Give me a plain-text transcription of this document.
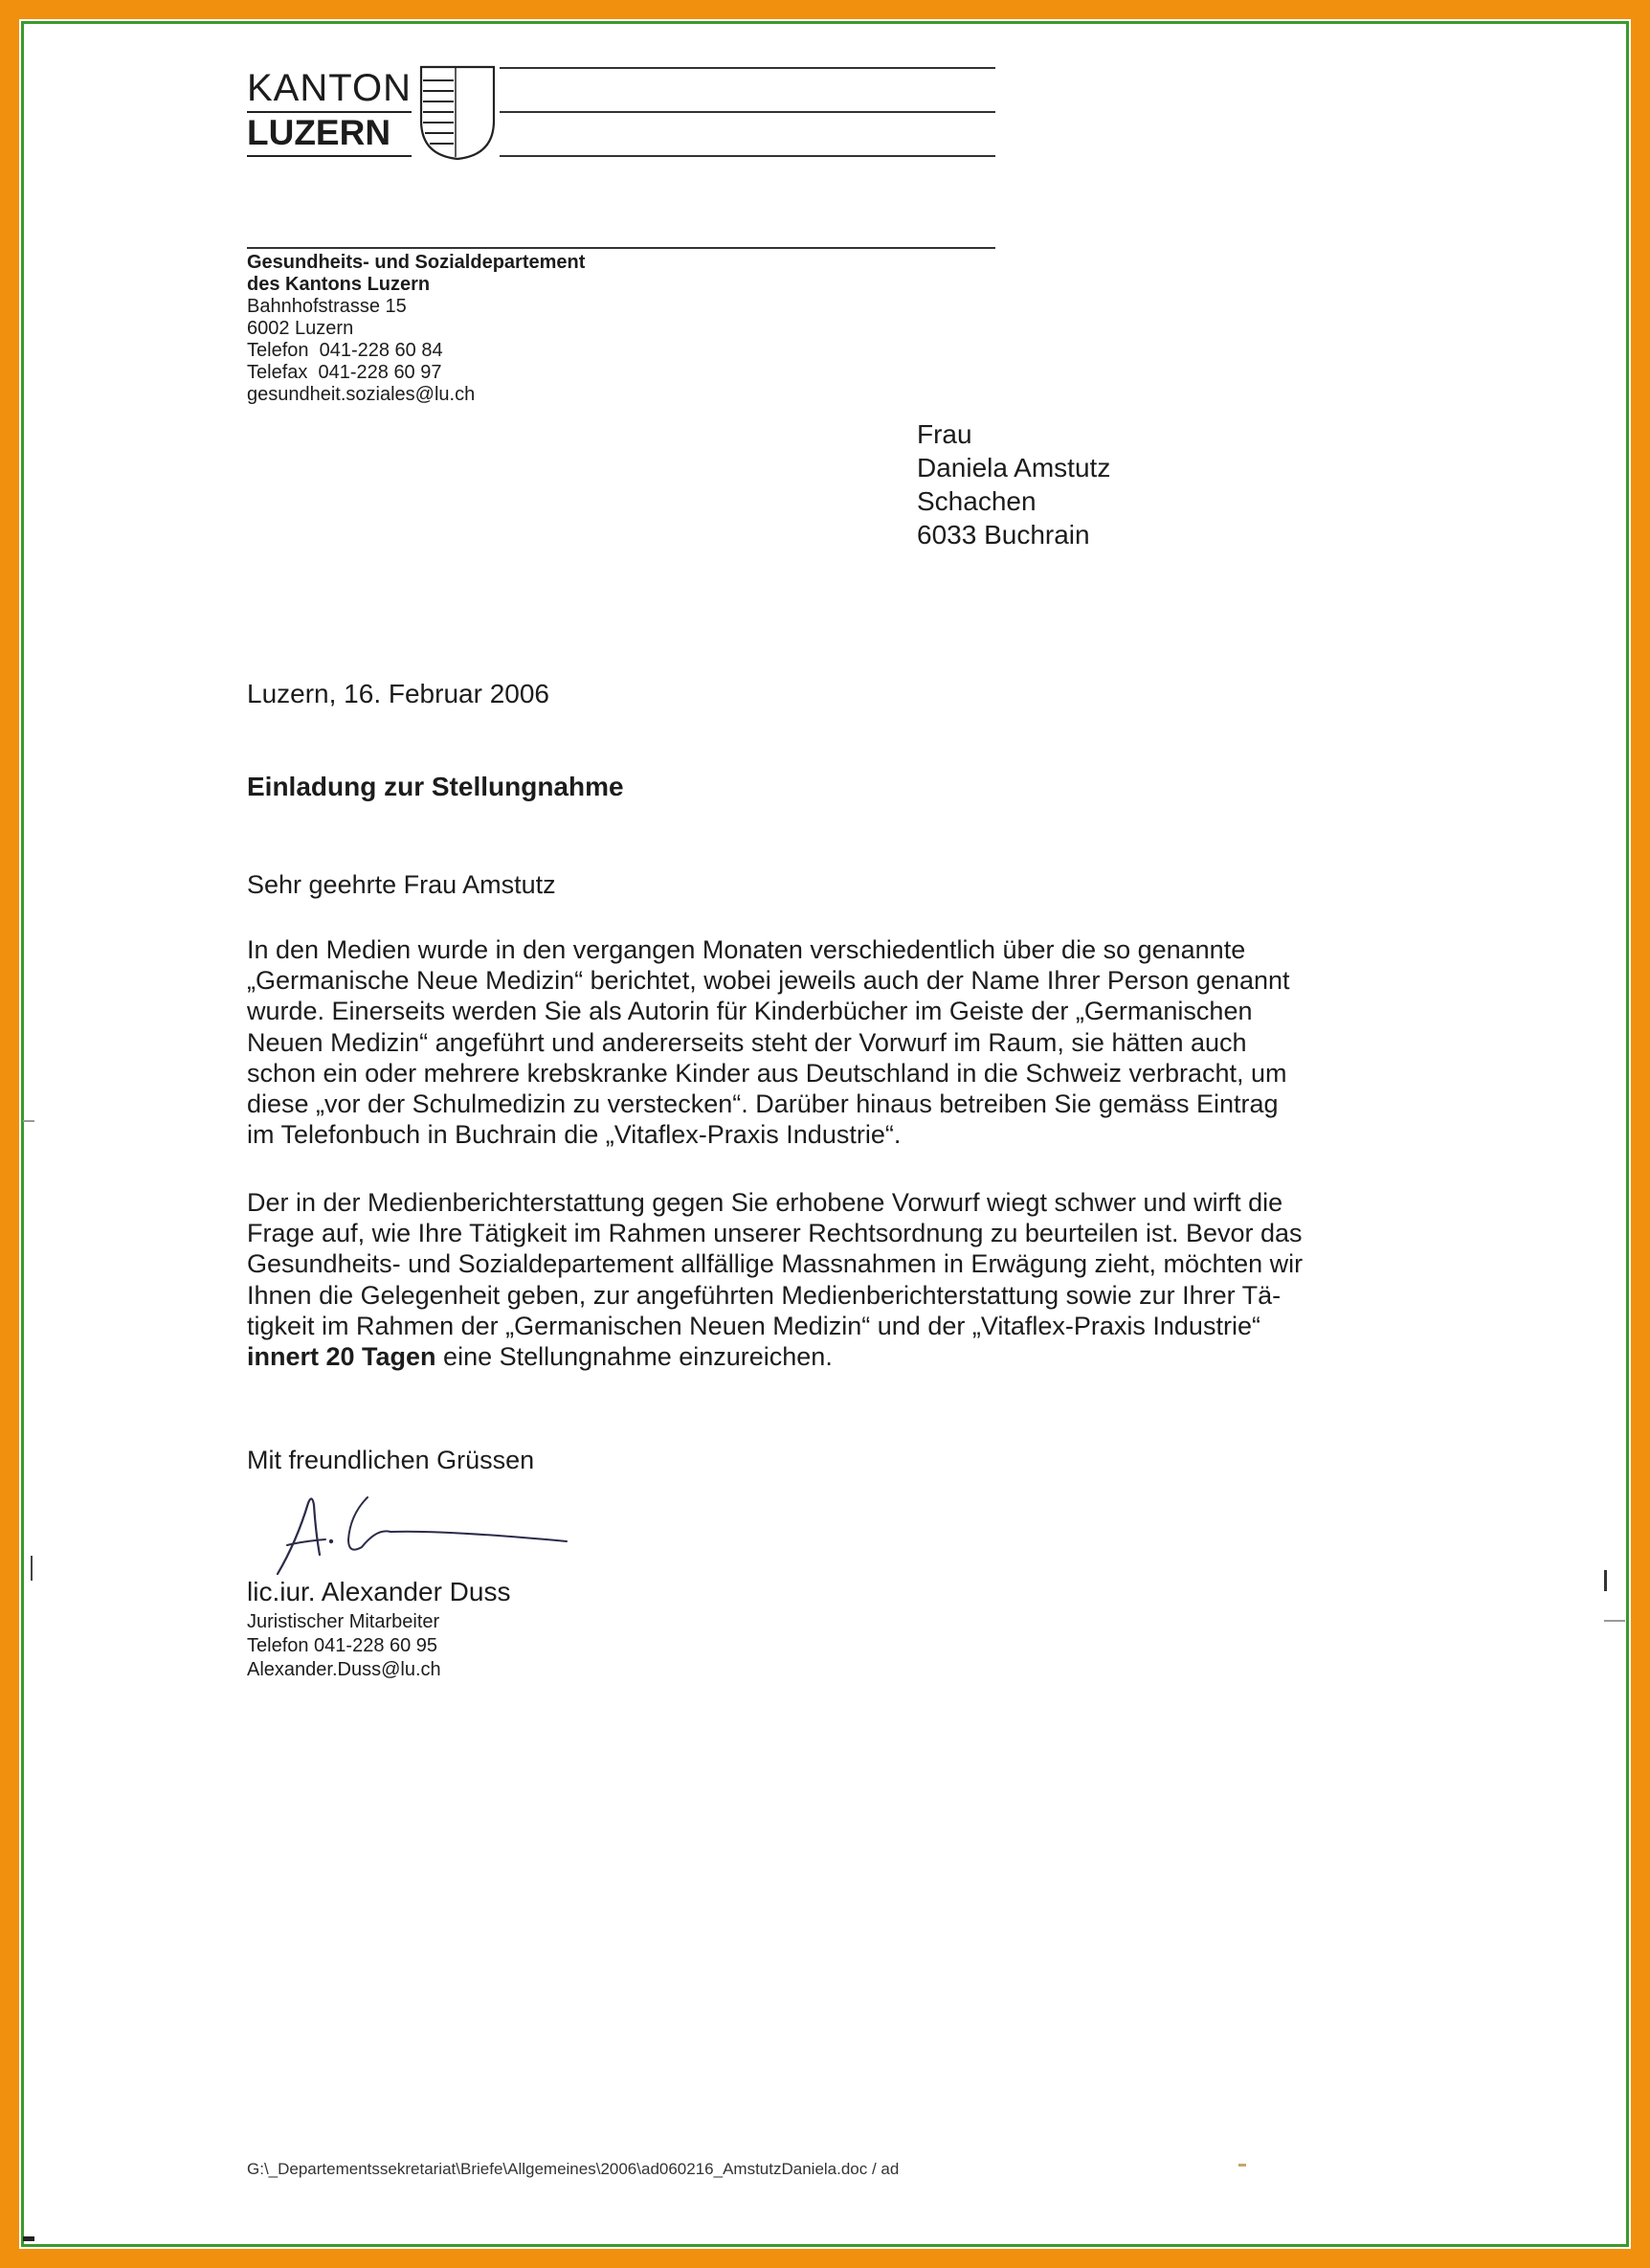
KANTON
LUZERN
Gesundheits- und Sozialdepartement
des Kantons Luzern
Bahnhofstrasse 15
6002 Luzern
Telefon  041-228 60 84
Telefax  041-228 60 97
gesundheit.soziales@lu.ch
Frau
Daniela Amstutz
Schachen
6033 Buchrain
Luzern, 16. Februar 2006
Einladung zur Stellungnahme
Sehr geehrte Frau Amstutz
In den Medien wurde in den vergangen Monaten verschiedentlich über die so genannte
„Germanische Neue Medizin“ berichtet, wobei jeweils auch der Name Ihrer Person genannt
wurde. Einerseits werden Sie als Autorin für Kinderbücher im Geiste der „Germanischen
Neuen Medizin“ angeführt und andererseits steht der Vorwurf im Raum, sie hätten auch
schon ein oder mehrere krebskranke Kinder aus Deutschland in die Schweiz verbracht, um
diese „vor der Schulmedizin zu verstecken“. Darüber hinaus betreiben Sie gemäss Eintrag
im Telefonbuch in Buchrain die „Vitaflex-Praxis Industrie“.
Der in der Medienberichterstattung gegen Sie erhobene Vorwurf wiegt schwer und wirft die
Frage auf, wie Ihre Tätigkeit im Rahmen unserer Rechtsordnung zu beurteilen ist. Bevor das
Gesundheits- und Sozialdepartement allfällige Massnahmen in Erwägung zieht, möchten wir
Ihnen die Gelegenheit geben, zur angeführten Medienberichterstattung sowie zur Ihrer Tä-
tigkeit im Rahmen der „Germanischen Neuen Medizin“ und der „Vitaflex-Praxis Industrie“
innert 20 Tagen eine Stellungnahme einzureichen.
Mit freundlichen Grüssen
lic.iur. Alexander Duss
Juristischer Mitarbeiter
Telefon 041-228 60 95
Alexander.Duss@lu.ch
G:\_Departementssekretariat\Briefe\Allgemeines\2006\ad060216_AmstutzDaniela.doc / ad
